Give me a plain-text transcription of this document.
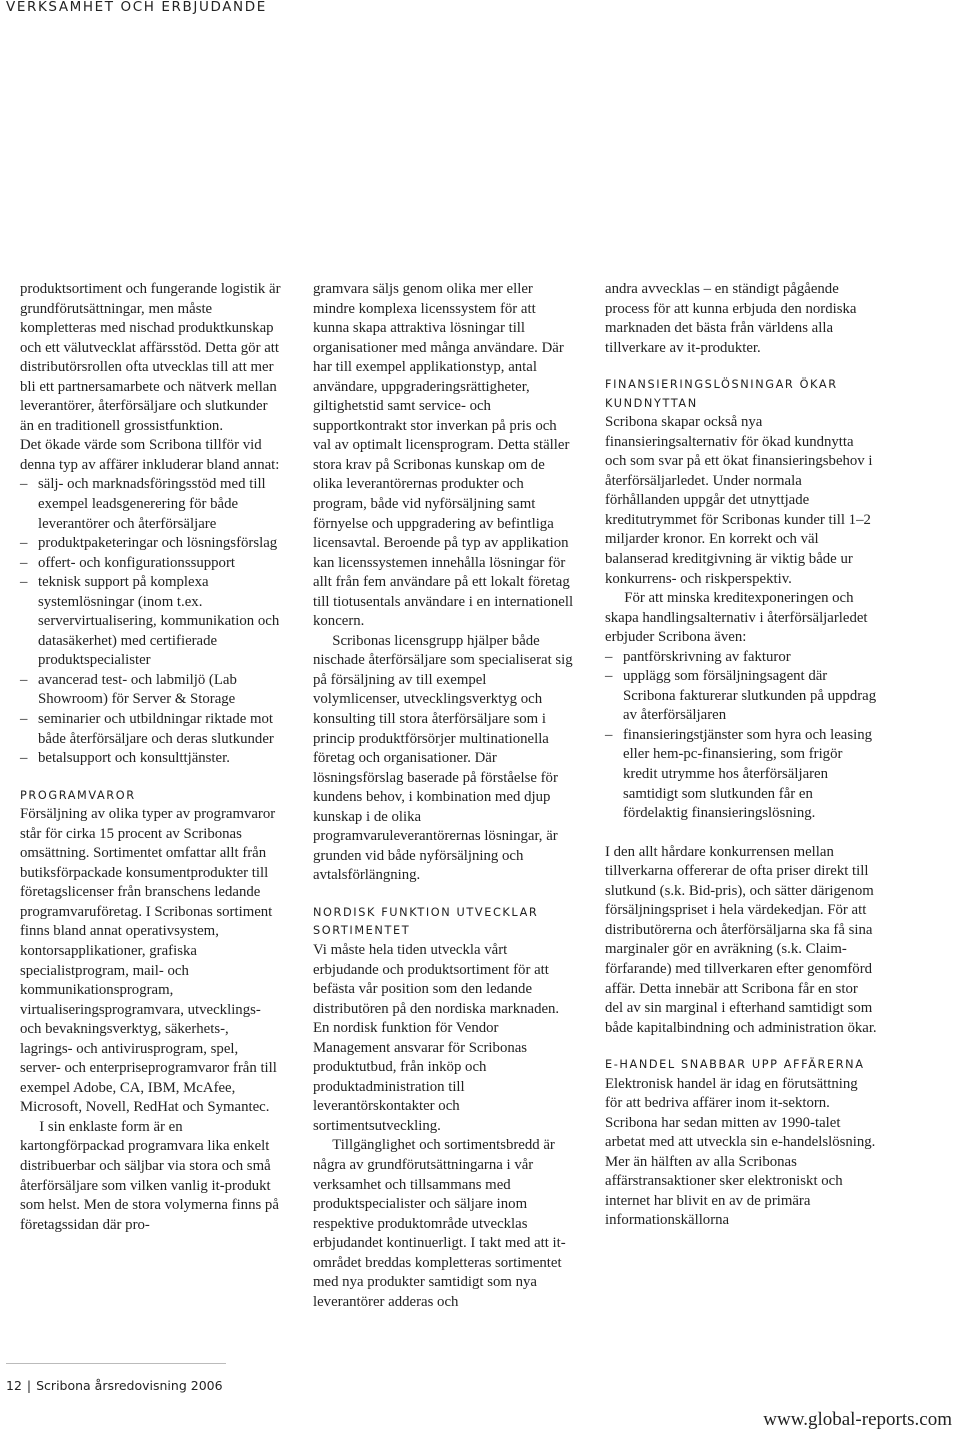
VERKSAMHET OCH ERBJUDANDE

produktsortiment och fungerande logistik är grundförutsättningar, men måste kompletteras med nischad produktkunskap och ett välutvecklat affärsstöd. Detta gör att distributörsrollen ofta utvecklas till att mer bli ett partnersamarbete och nätverk mellan leverantörer, återförsäljare och slutkunder än en traditionell grossistfunktion.

Det ökade värde som Scribona tillför vid denna typ av affärer inkluderar bland annat:

– sälj- och marknadsföringsstöd med till exempel leadsgenerering för både leverantörer och återförsäljare
– produktpaketeringar och lösningsförslag
– offert- och konfigurationssupport
– teknisk support på komplexa systemlösningar (inom t.ex. servervirtualisering, kommunikation och datasäkerhet) med certifierade produktspecialister
– avancerad test- och labmiljö (Lab Showroom) för Server & Storage
– seminarier och utbildningar riktade mot både återförsäljare och deras slutkunder
– betalsupport och konsulttjänster.
PROGRAMVAROR

Försäljning av olika typer av programvaror står för cirka 15 procent av Scribonas omsättning. Sortimentet omfattar allt från butiksförpackade konsumentprodukter till företagslicenser från branschens ledande programvaruföretag. I Scribonas sortiment finns bland annat operativsystem, kontorsapplikationer, grafiska specialistprogram, mail- och kommunikationsprogram, virtualiseringsprogramvara, utvecklings- och bevakningsverktyg, säkerhets-, lagrings- och antivirusprogram, spel, server- och enterpriseprogramvaror från till exempel Adobe, CA, IBM, McAfee, Microsoft, Novell, RedHat och Symantec.

I sin enklaste form är en kartongförpackad programvara lika enkelt distribuerbar och säljbar via stora och små återförsäljare som vilken vanlig it-produkt som helst. Men de stora volymerna finns på företagssidan där pro-

gramvara säljs genom olika mer eller mindre komplexa licenssystem för att kunna skapa attraktiva lösningar till organisationer med många användare. Där har till exempel applikationstyp, antal användare, uppgraderingsrättigheter, giltighetstid samt service- och supportkontrakt stor inverkan på pris och val av optimalt licensprogram. Detta ställer stora krav på Scribonas kunskap om de olika leverantörernas produkter och program, både vid nyförsäljning samt förnyelse och uppgradering av befintliga licensavtal. Beroende på typ av applikation kan licenssystemen innehålla lösningar för allt från fem användare på ett lokalt företag till tiotusentals användare i en internationell koncern.

Scribonas licensgrupp hjälper både nischade återförsäljare som specialiserat sig på försäljning av till exempel volymlicenser, utvecklingsverktyg och konsulting till stora återförsäljare som i princip produktförsörjer multinationella företag och organisationer. Där lösningsförslag baserade på förståelse för kundens behov, i kombination med djup kunskap i de olika programvaruleverantörernas lösningar, är grunden vid både nyförsäljning och avtalsförlängning.

NORDISK FUNKTION UTVECKLAR SORTIMENTET

Vi måste hela tiden utveckla vårt erbjudande och produktsortiment för att befästa vår position som den ledande distributören på den nordiska marknaden. En nordisk funktion för Vendor Management ansvarar för Scribonas produktutbud, från inköp och produktadministration till leverantörskontakter och sortimentsutveckling.

Tillgänglighet och sortimentsbredd är några av grundförutsättningarna i vår verksamhet och tillsammans med produktspecialister och säljare inom respektive produktområde utvecklas erbjudandet kontinuerligt. I takt med att it-området breddas kompletteras sortimentet med nya produkter samtidigt som nya leverantörer adderas och

andra avvecklas – en ständigt pågående process för att kunna erbjuda den nordiska marknaden det bästa från världens alla tillverkare av it-produkter.

FINANSIERINGSLÖSNINGAR ÖKAR KUNDNYTTAN

Scribona skapar också nya finansieringsalternativ för ökad kundnytta och som svar på ett ökat finansieringsbehov i återförsäljarledet. Under normala förhållanden uppgår det utnyttjade kreditutrymmet för Scribonas kunder till 1–2 miljarder kronor. En korrekt och väl balanserad kreditgivning är viktig både ur konkurrens- och riskperspektiv.

För att minska kreditexponeringen och skapa handlingsalternativ i återförsäljarledet erbjuder Scribona även:

– pantförskrivning av fakturor
– upplägg som försäljningsagent där Scribona fakturerar slutkunden på uppdrag av återförsäljaren
– finansieringstjänster som hyra och leasing eller hem-pc-finansiering, som frigör kredit utrymme hos återförsäljaren samtidigt som slutkunden får en fördelaktig finansieringslösning.

I den allt hårdare konkurrensen mellan tillverkarna offererar de ofta priser direkt till slutkund (s.k. Bid-pris), och sätter därigenom försäljningspriset i hela värdekedjan. För att distributörerna och återförsäljarna ska få sina marginaler gör en avräkning (s.k. Claim-förfarande) med tillverkaren efter genomförd affär. Detta innebär att Scribona får en stor del av sin marginal i efterhand samtidigt som både kapitalbindning och administration ökar.

E-HANDEL SNABBAR UPP AFFÄRERNA

Elektronisk handel är idag en förutsättning för att bedriva affärer inom it-sektorn. Scribona har sedan mitten av 1990-talet arbetat med att utveckla sin e-handelslösning. Mer än hälften av alla Scribonas affärstransaktioner sker elektroniskt och internet har blivit en av de primära informationskällorna

12 | Scribona årsredovisning 2006
www.global-reports.com
